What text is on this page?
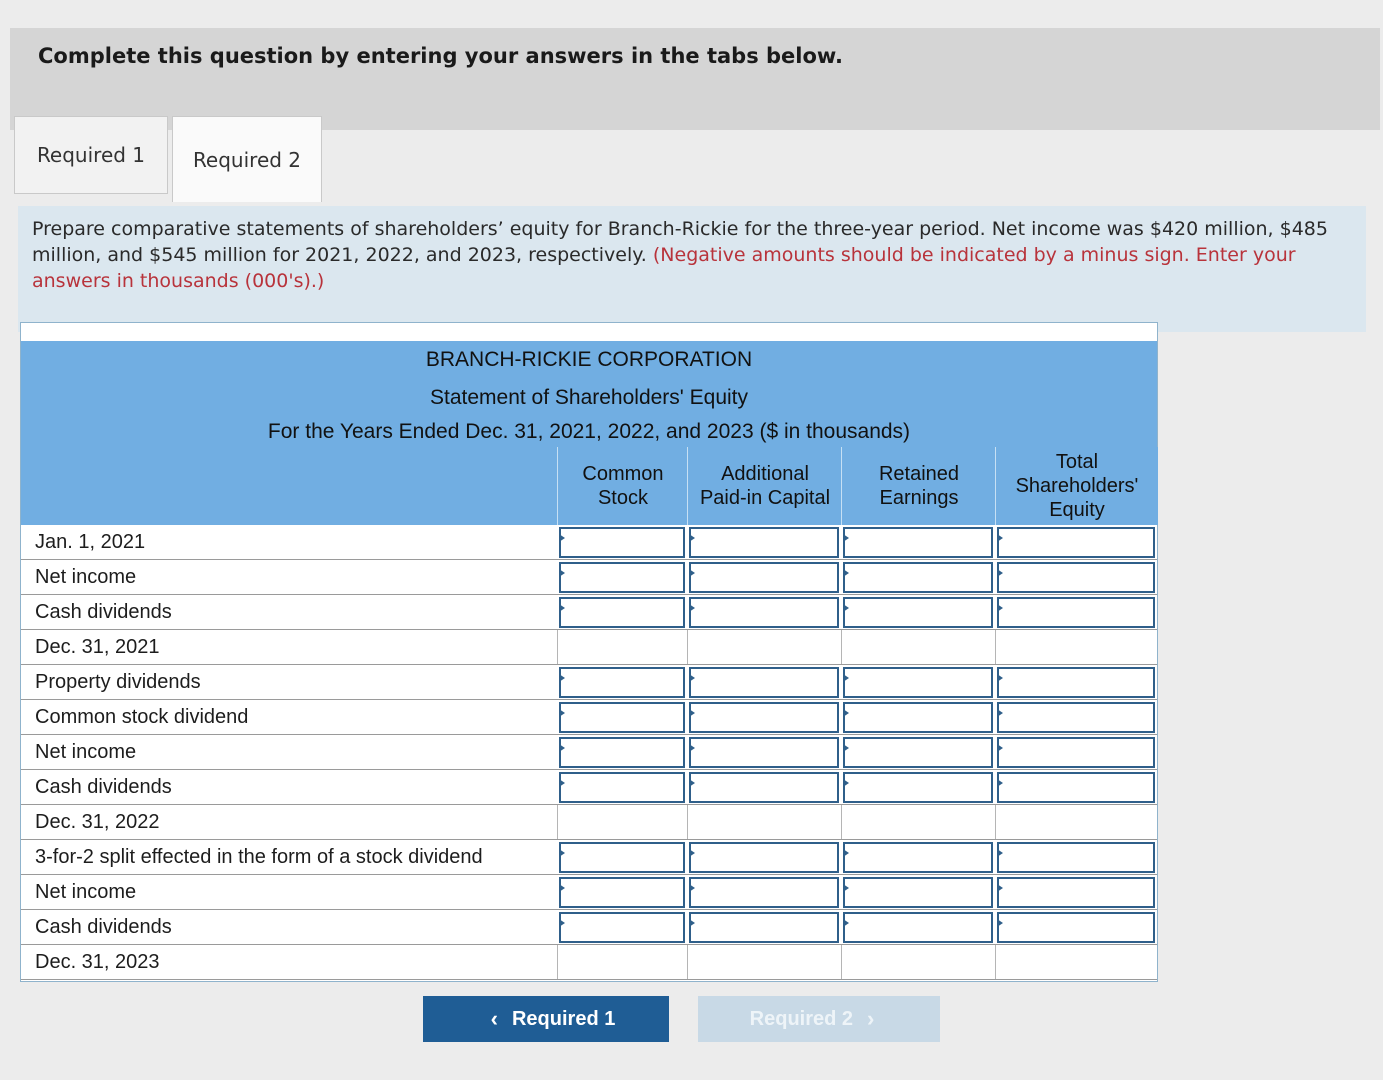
Complete this question by entering your answers in the tabs below.
Required 1	Required 2
Prepare comparative statements of shareholders’ equity for Branch-Rickie for the three-year period. Net income was $420 million, $485 million, and $545 million for 2021, 2022, and 2023, respectively. (Negative amounts should be indicated by a minus sign. Enter your answers in thousands (000's).)
BRANCH-RICKIE CORPORATION
Statement of Shareholders' Equity
For the Years Ended Dec. 31, 2021, 2022, and 2023 ($ in thousands)
Common
Stock
Additional
Paid-in Capital
Retained
Earnings
Total
Shareholders'
Equity
Jan. 1, 2021
Net income
Cash dividends
Dec. 31, 2021
Property dividends
Common stock dividend
Net income
Cash dividends
Dec. 31, 2022
3-for-2 split effected in the form of a stock dividend
Net income
Cash dividends
Dec. 31, 2023
‹ Required 1	Required 2 ›
